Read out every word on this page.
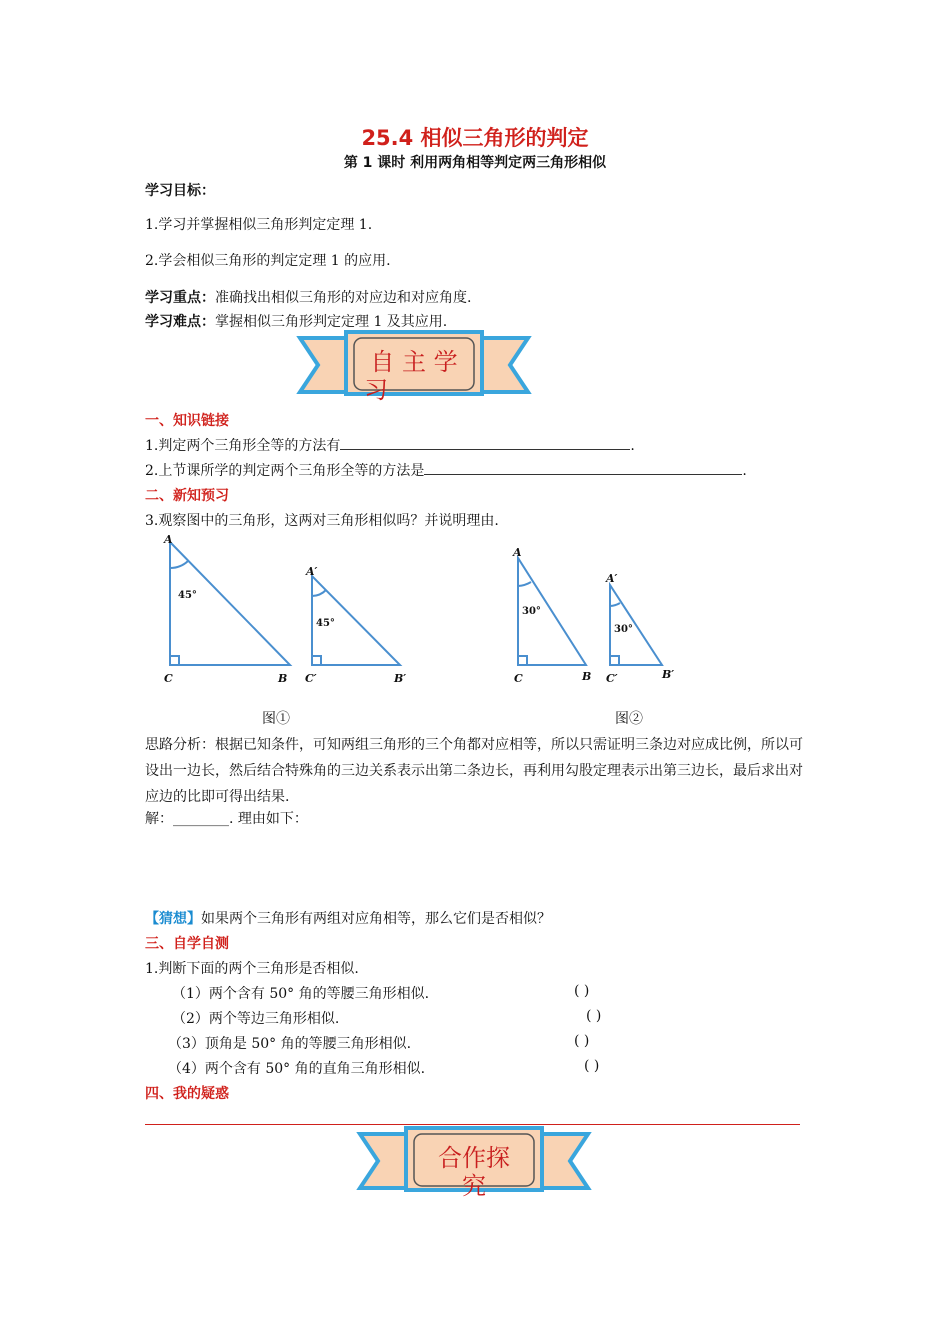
25.4 相似三角形的判定
第 1 课时 利用两角相等判定两三角形相似
学习目标：
1.学习并掌握相似三角形判定定理 1.
2.学会相似三角形的判定定理 1 的应用.
学习重点：准确找出相似三角形的对应边和对应角度.
学习难点：掌握相似三角形判定定理 1 及其应用.
自 主 学
习
一、知识链接
1.判定两个三角形全等的方法有	.
2.上节课所学的判定两个三角形全等的方法是	.
二、新知预习
3.观察图中的三角形，这两对三角形相似吗？并说明理由.
A
C	B
A′
C′	B′
A
C	B
A′
C′	B′
45°
45°
30°
30°
图①	图②
思路分析：根据已知条件，可知两组三角形的三个角都对应相等，所以只需证明三条边对应成比例，所以可设出一边长，然后结合特殊角的三边关系表示出第二条边长，再利用勾股定理表示出第三边长，最后求出对应边的比即可得出结果.
解：________. 理由如下：
【猜想】如果两个三角形有两组对应角相等，那么它们是否相似？
三、自学自测
1.判断下面的两个三角形是否相似.
（1）两个含有 50° 角的等腰三角形相似.	( )
（2）两个等边三角形相似.	( )
（3）顶角是 50° 角的等腰三角形相似.	( )
（4）两个含有 50° 角的直角三角形相似.	( )
四、我的疑惑
合作探
究
